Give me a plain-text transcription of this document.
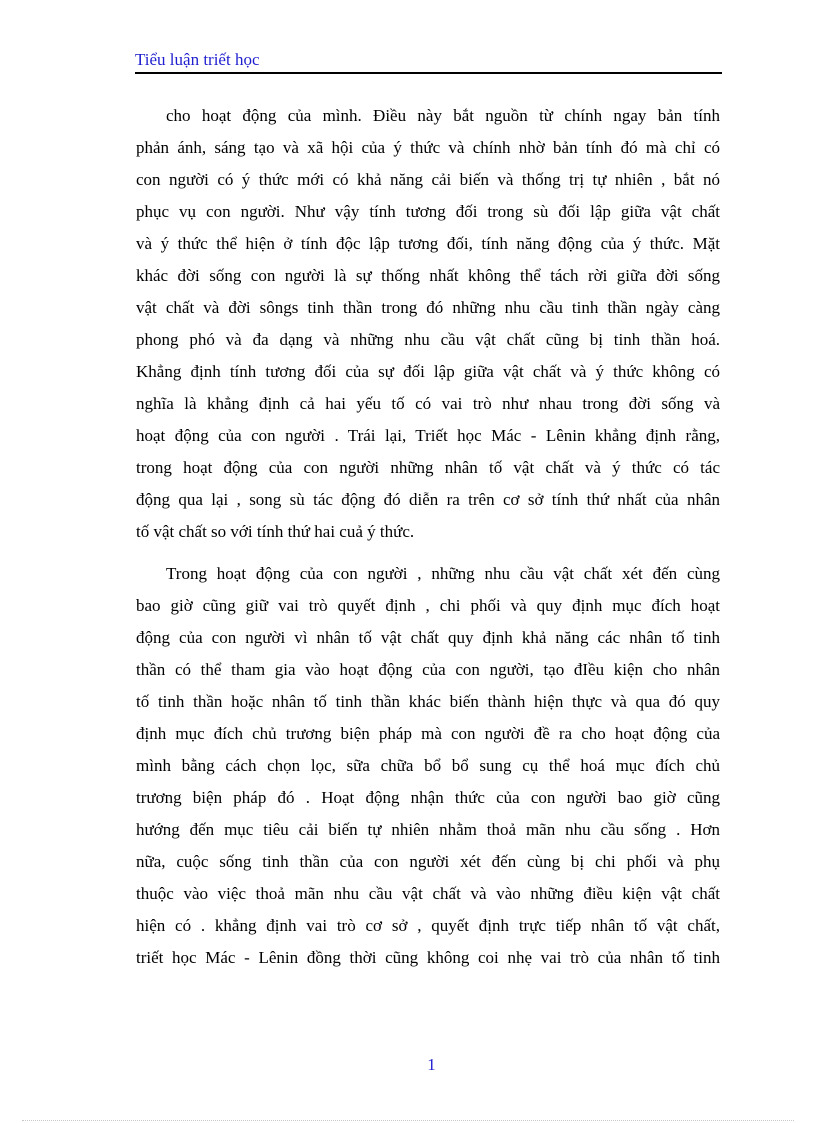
Tiểu luận triết học

cho hoạt động của mình. Điều này bắt nguồn từ chính ngay bản tính
phản ánh, sáng tạo và xã hội của ý thức và chính nhờ bản tính đó mà chỉ có
con người có ý thức mới có khả năng cải biến và thống trị tự nhiên , bắt nó
phục vụ con người. Như vậy tính tương đối trong sù đối lập giữa vật chất
và ý thức thể hiện ở tính độc lập tương đối, tính năng động của ý thức. Mặt
khác đời sống con người là sự thống nhất không thể tách rời giữa đời sống
vật chất và đời sôngs tinh thần trong đó những nhu cầu tinh thần ngày càng
phong phó và đa dạng và những nhu cầu vật chất cũng bị tinh thần hoá.
Khẳng định tính tương đối của sự đối lập giữa vật chất và ý thức không có
nghĩa là khẳng định cả hai yếu tố có vai trò như nhau trong đời sống và
hoạt động của con người . Trái lại, Triết học Mác - Lênin khẳng định rằng,
trong hoạt động của con người những nhân tố vật chất và ý thức có tác
động qua lại , song sù tác động đó diễn ra trên cơ sở tính thứ nhất của nhân
tố vật chất so với tính thứ hai cuả ý thức.

Trong hoạt động của con người , những nhu cầu vật chất xét đến cùng
bao giờ cũng giữ vai trò quyết định , chi phối và quy định mục đích hoạt
động của con người vì nhân tố vật chất quy định khả năng các nhân tố tinh
thần có thể tham gia vào hoạt động của con người, tạo đIều kiện cho nhân
tố tinh thần hoặc nhân tố tinh thần khác biến thành hiện thực và qua đó quy
định mục đích chủ trương biện pháp mà con người đề ra cho hoạt động của
mình bằng cách chọn lọc, sữa chữa bổ bổ sung cụ thể hoá mục đích chủ
trương biện pháp đó . Hoạt động nhận thức của con người bao giờ cũng
hướng đến mục tiêu cải biến tự nhiên nhằm thoả mãn nhu cầu sống . Hơn
nữa, cuộc sống tinh thần của con người xét đến cùng bị chi phối và phụ
thuộc vào việc thoả mãn nhu cầu vật chất và vào những điều kiện vật chất
hiện có . khẳng định vai trò cơ sở , quyết định trực tiếp nhân tố vật chất,
triết học Mác - Lênin đồng thời cũng không coi nhẹ vai trò của nhân tố tinh

1
